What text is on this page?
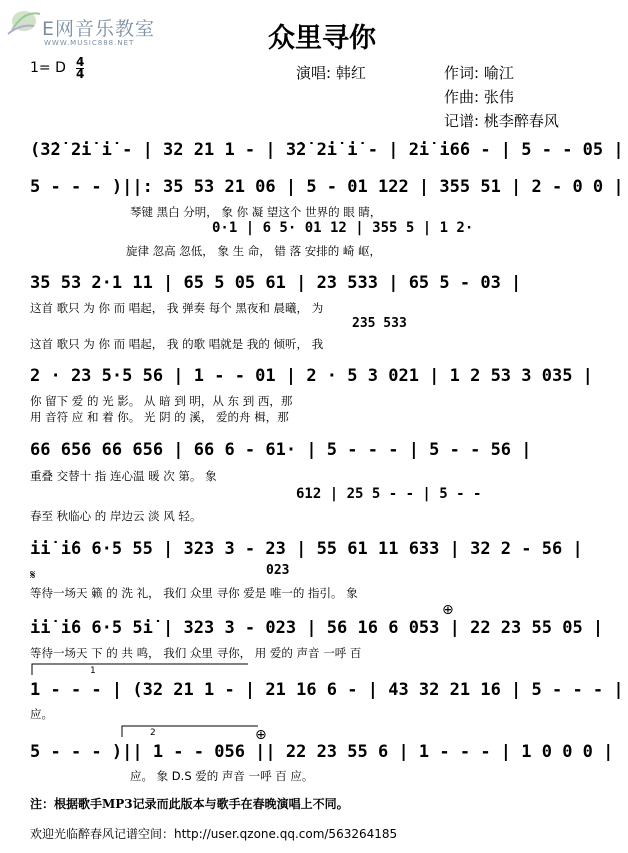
E网音乐教室
WWW.MUSIC888.NET	众里寻你
1= D 4
4	演唱: 韩红	作词: 喻江
作曲: 张伟
记谱: 桃李醉春风
(3̇2̇ 2̇i̇ i̇ - | 32 21 1 - | 3̇2̇ 2̇i̇ i̇ - | 2̇i̇ i6̇6 - | 5 - - 05 |
5 - - - )||: 35 53 21 06 | 5 - 01 122 | 355 51 | 2 - 0 0 |
琴键 黑白 分明， 象 你 凝 望这个 世界的 眼 睛，
0·1 | 6 5· 01 12 | 355 5 | 1 2·
旋律 忽高 忽低， 象 生 命， 错 落 安排的 崎 岖，
35 53 2·1 11 | 65 5 05 61 | 23 533 | 65 5 - 03 |
这首 歌只 为 你 而 唱起， 我 弹奏 每个 黑夜和 晨曦， 为
235 533
这首 歌只 为 你 而 唱起， 我 的歌 唱就是 我的 倾听， 我
2 · 23 5·5 56 | 1 - - 01 | 2 · 5 3 021 | 1 2 53 3 035 |
你 留下 爱 的 光 影。 从 暗 到 明，从 东 到 西，那
用 音符 应 和 着 你。 光 阴 的 溪， 爱的舟 楫，那
66 656 66 656 | 66 6 - 61· | 5 - - - | 5 - - 56 |
重叠 交替十 指 连心温 暖 次 第。 象
612 | 25 5 - - | 5 - -
春至 秋临心 的 岸边云 淡 风 轻。
i̇i̇ i̇6 6·5 55 | 323 3 - 23 | 55 61 11 633 | 32 2 - 56 |
023
𝄋
等待一场天 籁 的 洗 礼， 我们 众里 寻你 爱是 唯一的 指引。 象
i̇i̇ i̇6 6·5 5i̇ | 323 3 - 023 | 56 16 6 053 | 22 23 55 05 |
⊕
等待一场天 下 的 共 鸣， 我们 众里 寻你， 用 爱的 声音 一呼 百
1
1 - - - | (32 21 1 - | 21 16 6 - | 43 32 21 16 | 5 - - - |
应。
2
5 - - - )|| 1 - - 056 || 22 23 55 6 | 1 - - - | 1 0 0 0 |
⊕
应。 象 D.S 爱的 声音 一呼 百 应。
注：根据歌手MP3记录而此版本与歌手在春晚演唱上不同。
欢迎光临醉春风记谱空间：http://user.qzone.qq.com/563264185
